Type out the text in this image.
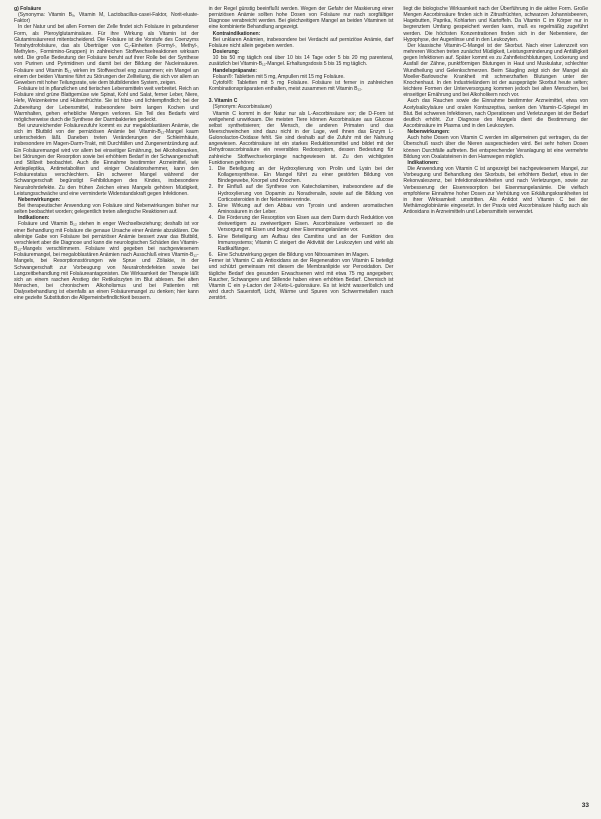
g) Folsäure

(Synonyma: Vitamin B₉, Vitamin M, Lactobacillus-casei-Faktor, Norit-eluate-Faktor)

In der Natur und bei allen Formen der Zelle findet sich Folsäure in gebundener Form, als Pteroylglutaminsäure. Für ihre Wirkung als Vitamin ist der Glutaminsäurerest mitentscheidend. Die Folsäure ist die Vorstufe des Coenzyms Tetrahydrofolsäure, das als Überträger von C₁-Einheiten (Formyl-, Methyl-, Methylen-, Formimino-Gruppen) in zahlreichen Stoffwechselreaktionen wirksam wird. Die große Bedeutung der Folsäure beruht auf ihrer Rolle bei der Synthese von Purinen und Pyrimidinen und damit bei der Bildung der Nucleinsäuren. Folsäure und Vitamin B₁₂ wirken im Stoffwechsel eng zusammen; ein Mangel an einem der beiden Vitamine führt zu Störungen der Zellteilung, die sich vor allem an Geweben mit hoher Teilungsrate, wie dem blutbildenden System, zeigen.

Folsäure ist in pflanzlichen und tierischen Lebensmitteln weit verbreitet. Reich an Folsäure sind grüne Blattgemüse wie Spinat, Kohl und Salat, ferner Leber, Niere, Hefe, Weizenkeime und Hülsenfrüchte. Sie ist hitze- und lichtempfindlich; bei der Zubereitung der Lebensmittel, insbesondere beim langen Kochen und Warmhalten, gehen erhebliche Mengen verloren. Ein Teil des Bedarfs wird möglicherweise durch die Synthese der Darmbakterien gedeckt.

Bei unzureichender Folsäurezufuhr kommt es zur megaloblastären Anämie, die sich im Blutbild von der perniziösen Anämie bei Vitamin-B₁₂-Mangel kaum unterscheiden läßt. Daneben treten Veränderungen der Schleimhäute, insbesondere im Magen-Darm-Trakt, mit Durchfällen und Zungenentzündung auf. Ein Folsäuremangel wird vor allem bei einseitiger Ernährung, bei Alkoholkranken, bei Störungen der Resorption sowie bei erhöhtem Bedarf in der Schwangerschaft und Stillzeit beobachtet. Auch die Einnahme bestimmter Arzneimittel, wie Antiepileptika, Antimetaboliten und einiger Ovulationshemmer, kann den Folsäurestatus verschlechtern. Ein schwerer Mangel während der Schwangerschaft begünstigt Fehlbildungen des Kindes, insbesondere Neuralrohrdefekte. Zu den frühen Zeichen eines Mangels gehören Müdigkeit, Leistungsschwäche und eine verminderte Widerstandskraft gegen Infektionen.

Nebenwirkungen:

Bei therapeutischer Anwendung von Folsäure sind Nebenwirkungen bisher nur selten beobachtet worden; gelegentlich treten allergische Reaktionen auf.

Indikationen:

Folsäure und Vitamin B₁₂ stehen in enger Wechselbeziehung; deshalb ist vor einer Behandlung mit Folsäure die genaue Ursache einer Anämie abzuklären. Die alleinige Gabe von Folsäure bei perniziöser Anämie bessert zwar das Blutbild, verschleiert aber die Diagnose und kann die neurologischen Schäden des Vitamin-B₁₂-Mangels verschlimmern. Folsäure wird gegeben bei nachgewiesenem Folsäuremangel, bei megaloblastären Anämien nach Ausschluß eines Vitamin-B₁₂-Mangels, bei Resorptionsstörungen wie Sprue und Zöliakie, in der Schwangerschaft zur Vorbeugung von Neuralrohrdefekten sowie bei Langzeitbehandlung mit Folsäureantagonisten. Die Wirksamkeit der Therapie läßt sich an einem raschen Anstieg der Retikulozyten im Blut ablesen. Bei alten Menschen, bei chronischem Alkoholismus und bei Patienten mit Dialysebehandlung ist ebenfalls an einen Folsäuremangel zu denken; hier kann eine gezielte Substitution die Allgemeinbefindlichkeit bessern.

in der Regel günstig beeinflußt werden. Wegen der Gefahr der Maskierung einer perniziösen Anämie sollten hohe Dosen von Folsäure nur nach sorgfältiger Diagnose verabreicht werden. Bei gleichzeitigem Mangel an beiden Vitaminen ist eine kombinierte Behandlung angezeigt.

Kontraindikationen:

Bei unklaren Anämien, insbesondere bei Verdacht auf perniziöse Anämie, darf Folsäure nicht allein gegeben werden.

Dosierung:

10 bis 50 mg täglich oral über 10 bis 14 Tage oder 5 bis 20 mg parenteral, zusätzlich bei Vitamin-B₁₂-Mangel. Erhaltungsdosis 5 bis 15 mg täglich.

Handelspräparate:

Folsan®: Tabletten mit 5 mg, Ampullen mit 15 mg Folsäure.

Cytofol®: Tabletten mit 5 mg Folsäure. Folsäure ist ferner in zahlreichen Kombinationspräparaten enthalten, meist zusammen mit Vitamin B₁₂.

3. Vitamin C

(Synonym: Ascorbinsäure)

Vitamin C kommt in der Natur nur als L-Ascorbinsäure vor; die D-Form ist weitgehend unwirksam. Die meisten Tiere können Ascorbinsäure aus Glucose selbst synthetisieren; der Mensch, die anderen Primaten und das Meerschweinchen sind dazu nicht in der Lage, weil ihnen das Enzym L-Gulonolacton-Oxidase fehlt. Sie sind deshalb auf die Zufuhr mit der Nahrung angewiesen. Ascorbinsäure ist ein starkes Reduktionsmittel und bildet mit der Dehydroascorbinsäure ein reversibles Redoxsystem, dessen Bedeutung für zahlreiche Stoffwechselvorgänge nachgewiesen ist. Zu den wichtigsten Funktionen gehören:

1. Die Beteiligung an der Hydroxylierung von Prolin und Lysin bei der Kollagensynthese. Ein Mangel führt zu einer gestörten Bildung von Bindegewebe, Knorpel und Knochen.
2. Ihr Einfluß auf die Synthese von Katecholaminen, insbesondere auf die Hydroxylierung von Dopamin zu Noradrenalin, sowie auf die Bildung von Corticosteroiden in der Nebennierenrinde.
3. Eine Wirkung auf den Abbau von Tyrosin und anderen aromatischen Aminosäuren in der Leber.
4. Die Förderung der Resorption von Eisen aus dem Darm durch Reduktion von dreiwertigem zu zweiwertigem Eisen. Ascorbinsäure verbessert so die Versorgung mit Eisen und beugt einer Eisenmangelanämie vor.
5. Eine Beteiligung am Aufbau des Carnitins und an der Funktion des Immunsystems; Vitamin C steigert die Aktivität der Leukozyten und wirkt als Radikalfänger.
6. Eine Schutzwirkung gegen die Bildung von Nitrosaminen im Magen.

Ferner ist Vitamin C als Antioxidans an der Regeneration von Vitamin E beteiligt und schützt gemeinsam mit diesem die Membranlipide vor Peroxidation. Der tägliche Bedarf des gesunden Erwachsenen wird mit etwa 75 mg angegeben; Raucher, Schwangere und Stillende haben einen erhöhten Bedarf. Chemisch ist Vitamin C ein γ-Lacton der 2-Keto-L-gulonsäure. Es ist leicht wasserlöslich und wird durch Sauerstoff, Licht, Wärme und Spuren von Schwermetallen rasch zerstört.

liegt die biologische Wirksamkeit nach der Überführung in die aktive Form. Große Mengen Ascorbinsäure finden sich in Zitrusfrüchten, schwarzen Johannisbeeren, Hagebutten, Paprika, Kohlarten und Kartoffeln. Da Vitamin C im Körper nur in begrenztem Umfang gespeichert werden kann, muß es regelmäßig zugeführt werden. Die höchsten Konzentrationen finden sich in der Nebenniere, der Hypophyse, der Augenlinse und in den Leukozyten.

Der klassische Vitamin-C-Mangel ist der Skorbut. Nach einer Latenzzeit von mehreren Wochen treten zunächst Müdigkeit, Leistungsminderung und Anfälligkeit gegen Infektionen auf. Später kommt es zu Zahnfleischblutungen, Lockerung und Ausfall der Zähne, punktförmigen Blutungen in Haut und Muskulatur, schlechter Wundheilung und Gelenkschmerzen. Beim Säugling zeigt sich der Mangel als Moeller-Barlowsche Krankheit mit schmerzhaften Blutungen unter der Knochenhaut. In den Industrieländern ist der ausgeprägte Skorbut heute selten; leichtere Formen der Unterversorgung kommen jedoch bei alten Menschen, bei einseitiger Ernährung und bei Alkoholikern noch vor.

Auch das Rauchen sowie die Einnahme bestimmter Arzneimittel, etwa von Acetylsalicylsäure und oralen Kontrazeptiva, senken den Vitamin-C-Spiegel im Blut. Bei schweren Infektionen, nach Operationen und Verletzungen ist der Bedarf deutlich erhöht. Zur Diagnose des Mangels dient die Bestimmung der Ascorbinsäure im Plasma und in den Leukozyten.

Nebenwirkungen:

Auch hohe Dosen von Vitamin C werden im allgemeinen gut vertragen, da der Überschuß rasch über die Nieren ausgeschieden wird. Bei sehr hohen Dosen können Durchfälle auftreten. Bei entsprechender Veranlagung ist eine vermehrte Bildung von Oxalatsteinen in den Harnwegen möglich.

Indikationen:

Die Anwendung von Vitamin C ist angezeigt bei nachgewiesenem Mangel, zur Vorbeugung und Behandlung des Skorbuts, bei erhöhtem Bedarf, etwa in der Rekonvaleszenz, bei Infektionskrankheiten und nach Verletzungen, sowie zur Verbesserung der Eisenresorption bei Eisenmangelanämie. Die vielfach empfohlene Einnahme hoher Dosen zur Verhütung von Erkältungskrankheiten ist in ihrer Wirksamkeit umstritten. Als Antidot wird Vitamin C bei der Methämoglobinämie eingesetzt. In der Praxis wird Ascorbinsäure häufig auch als Antioxidans in Arzneimitteln und Lebensmitteln verwendet.

33
